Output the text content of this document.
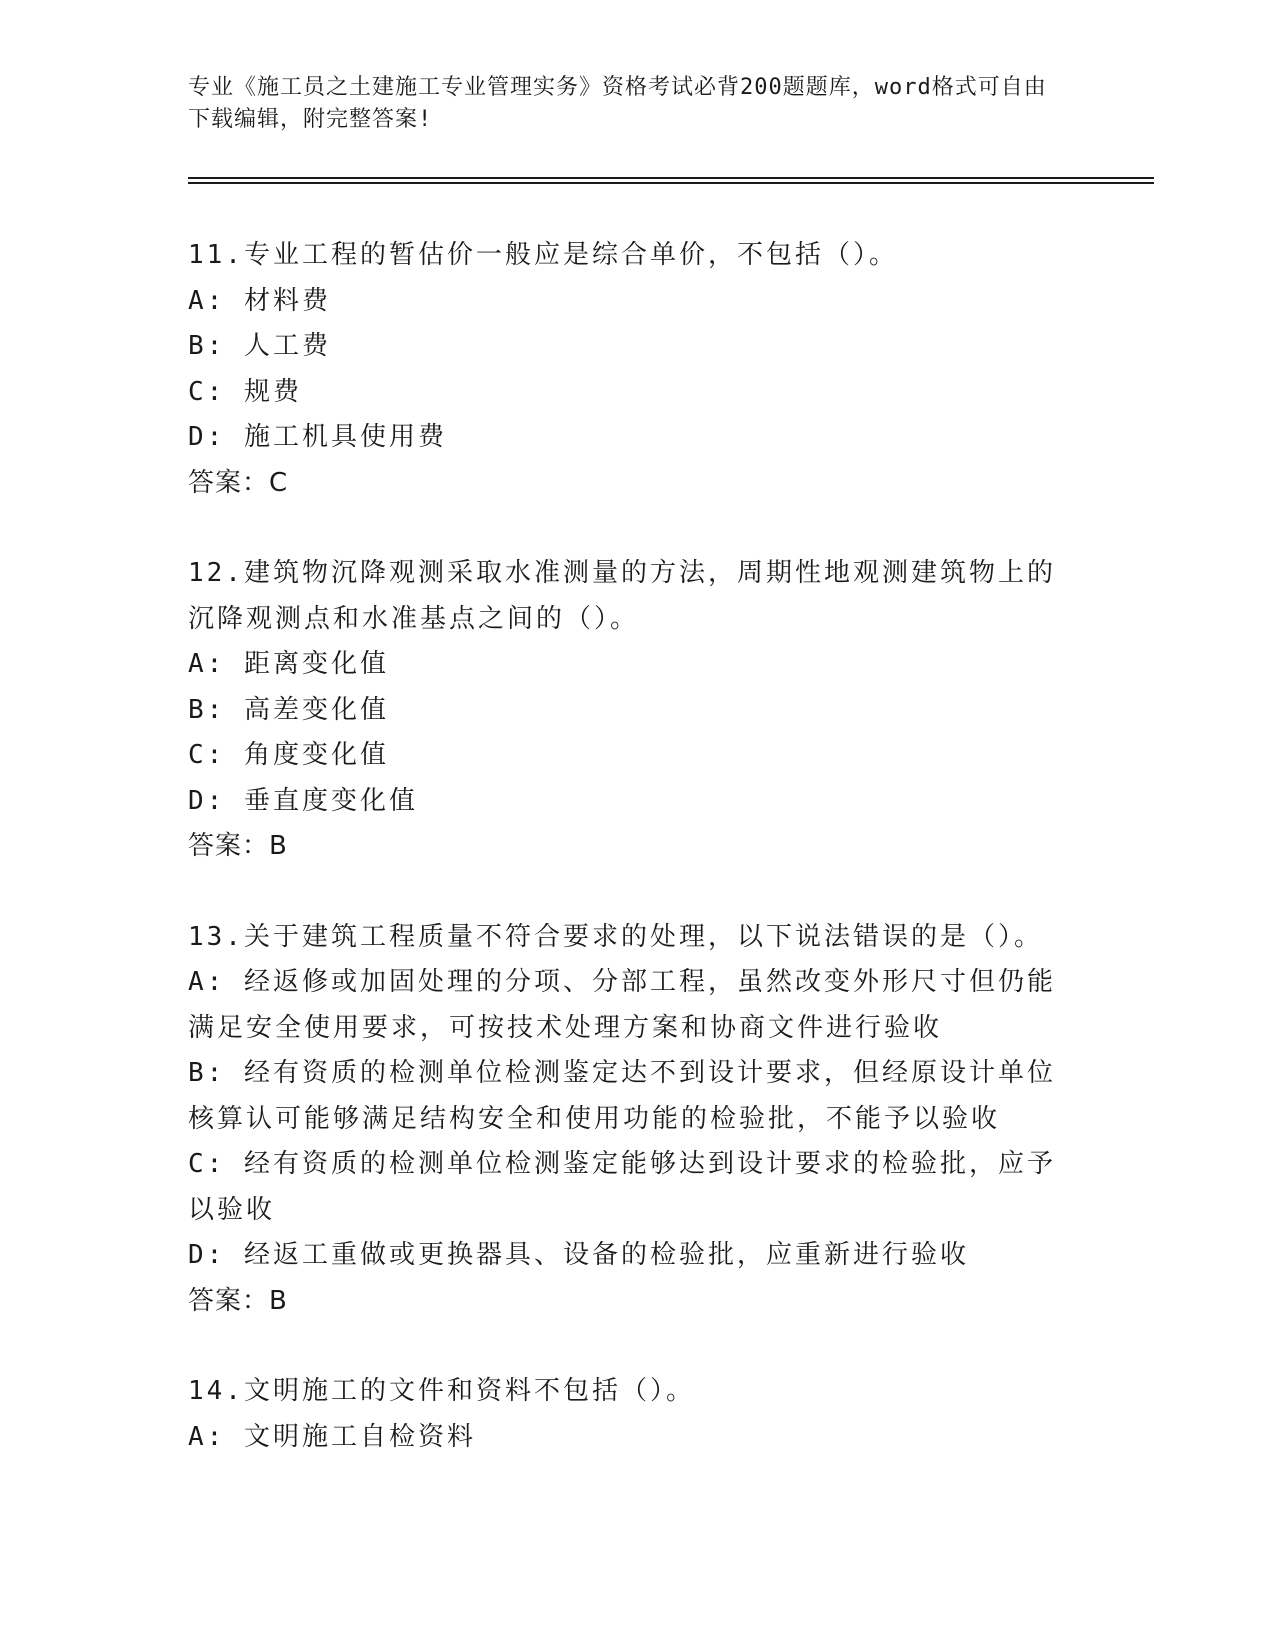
专业《施工员之土建施工专业管理实务》资格考试必背200题题库，word格式可自由下载编辑，附完整答案!

11.专业工程的暂估价一般应是综合单价，不包括（）。

A: 材料费

B: 人工费

C: 规费

D: 施工机具使用费

答案：C

12.建筑物沉降观测采取水准测量的方法，周期性地观测建筑物上的沉降观测点和水准基点之间的（）。

A: 距离变化值

B: 高差变化值

C: 角度变化值

D: 垂直度变化值

答案：B

13.关于建筑工程质量不符合要求的处理，以下说法错误的是（）。

A: 经返修或加固处理的分项、分部工程，虽然改变外形尺寸但仍能满足安全使用要求，可按技术处理方案和协商文件进行验收

B: 经有资质的检测单位检测鉴定达不到设计要求，但经原设计单位核算认可能够满足结构安全和使用功能的检验批，不能予以验收

C: 经有资质的检测单位检测鉴定能够达到设计要求的检验批，应予以验收

D: 经返工重做或更换器具、设备的检验批，应重新进行验收

答案：B

14.文明施工的文件和资料不包括（）。

A: 文明施工自检资料
